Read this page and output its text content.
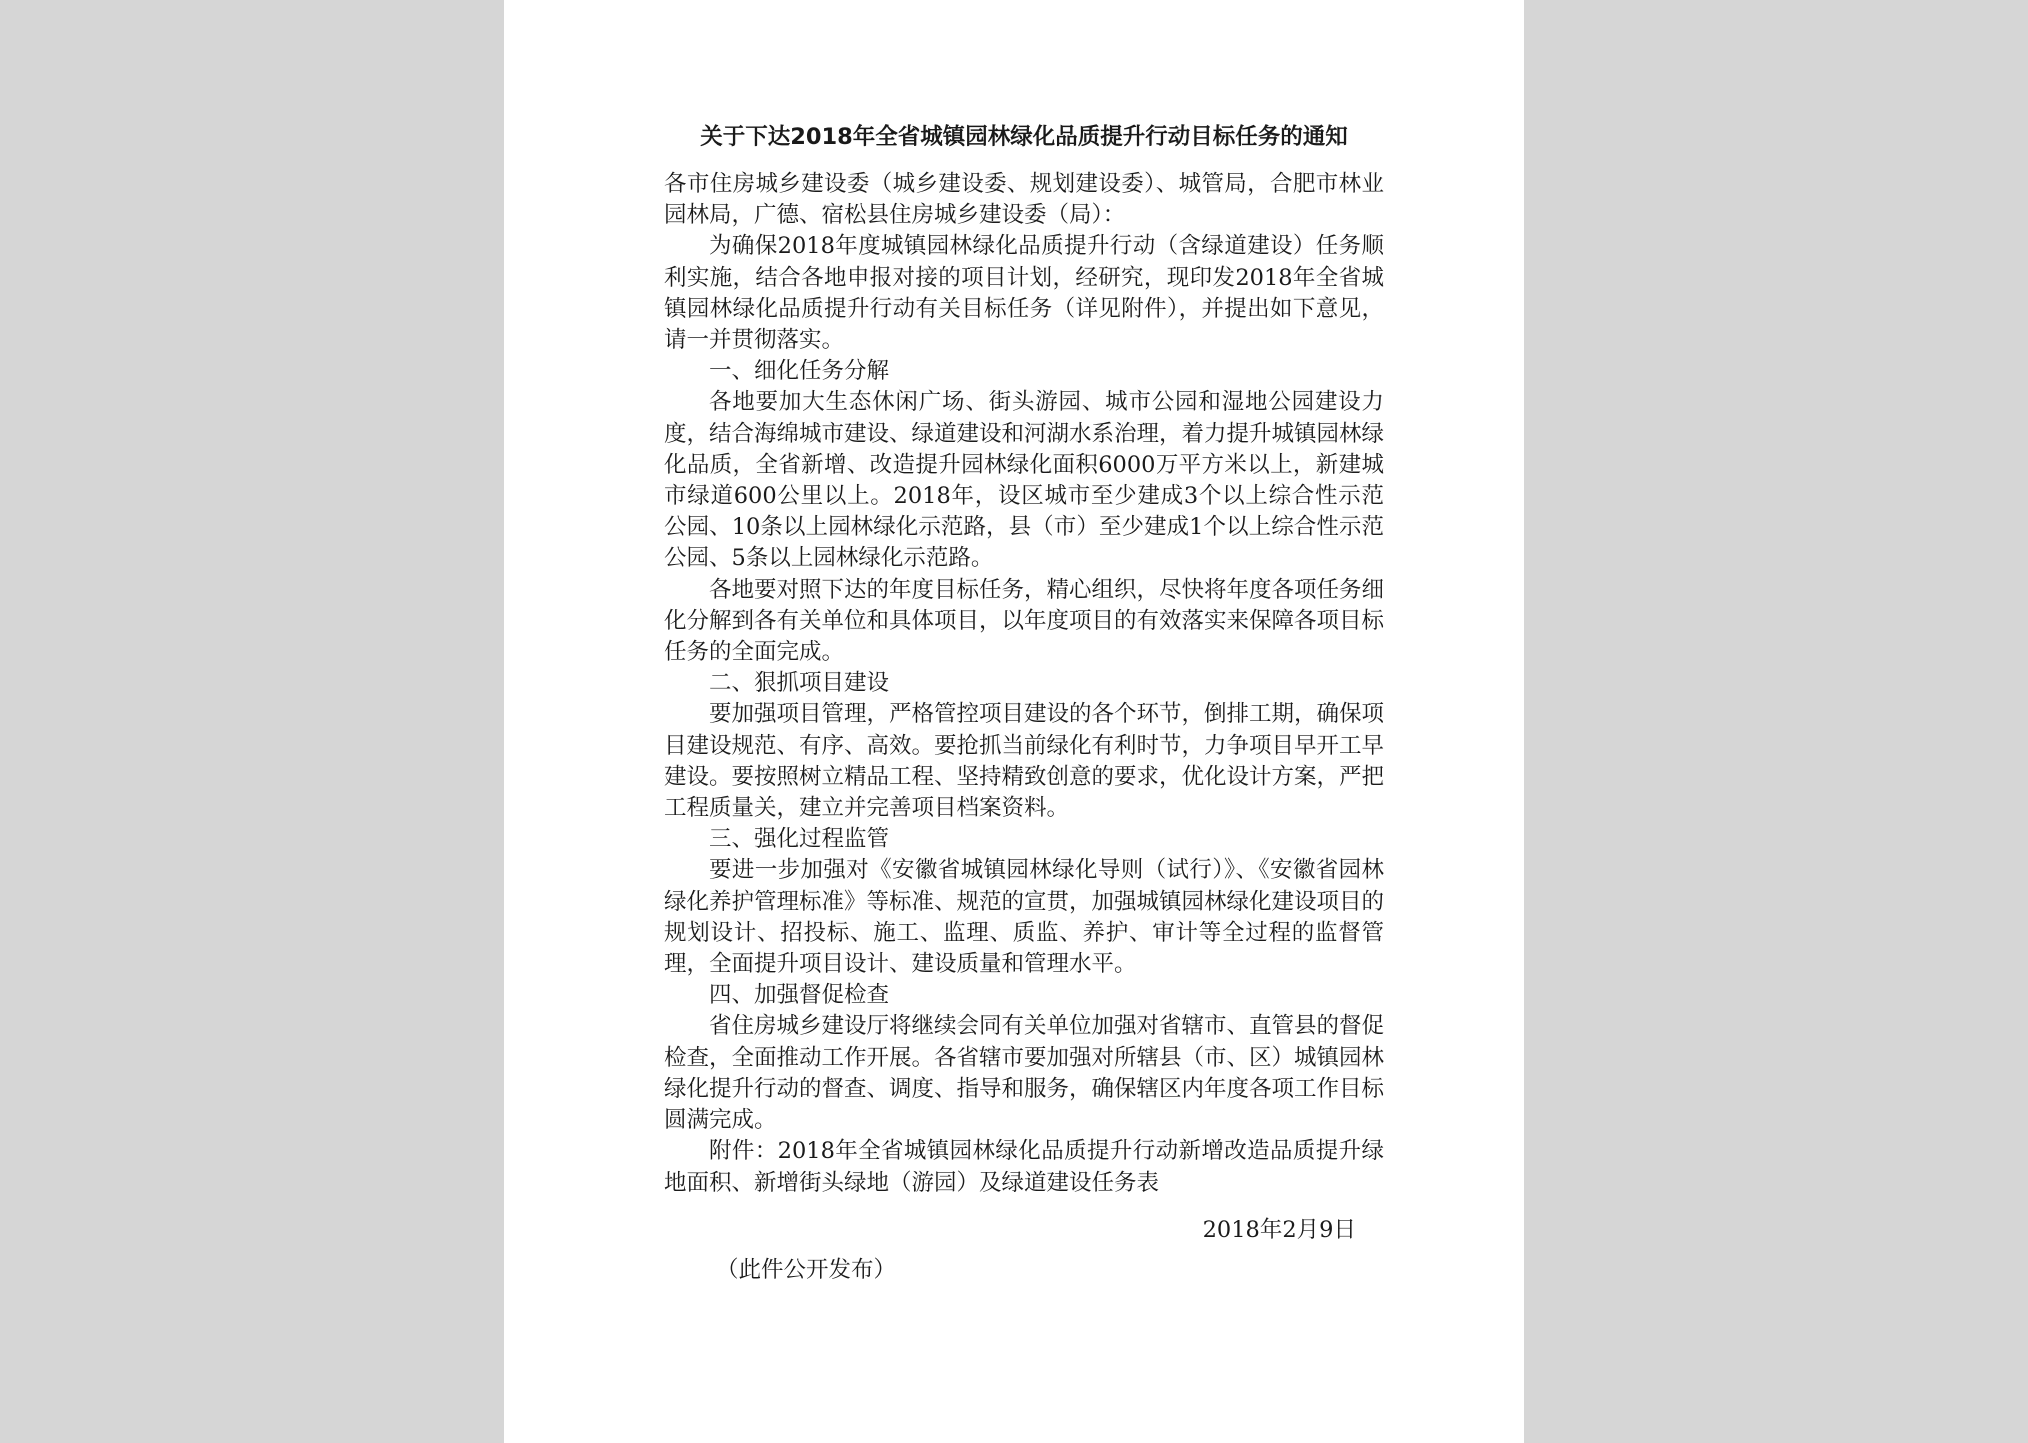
关于下达2018年全省城镇园林绿化品质提升行动目标任务的通知

各市住房城乡建设委（城乡建设委、规划建设委）、城管局，合肥市林业园林局，广德、宿松县住房城乡建设委（局）：

为确保2018年度城镇园林绿化品质提升行动（含绿道建设）任务顺利实施，结合各地申报对接的项目计划，经研究，现印发2018年全省城镇园林绿化品质提升行动有关目标任务（详见附件），并提出如下意见，请一并贯彻落实。

一、细化任务分解

各地要加大生态休闲广场、街头游园、城市公园和湿地公园建设力度，结合海绵城市建设、绿道建设和河湖水系治理，着力提升城镇园林绿化品质，全省新增、改造提升园林绿化面积6000万平方米以上，新建城市绿道600公里以上。2018年，设区城市至少建成3个以上综合性示范公园、10条以上园林绿化示范路，县（市）至少建成1个以上综合性示范公园、5条以上园林绿化示范路。

各地要对照下达的年度目标任务，精心组织，尽快将年度各项任务细化分解到各有关单位和具体项目，以年度项目的有效落实来保障各项目标任务的全面完成。

二、狠抓项目建设

要加强项目管理，严格管控项目建设的各个环节，倒排工期，确保项目建设规范、有序、高效。要抢抓当前绿化有利时节，力争项目早开工早建设。要按照树立精品工程、坚持精致创意的要求，优化设计方案，严把工程质量关，建立并完善项目档案资料。

三、强化过程监管

要进一步加强对《安徽省城镇园林绿化导则（试行）》、《安徽省园林绿化养护管理标准》等标准、规范的宣贯，加强城镇园林绿化建设项目的规划设计、招投标、施工、监理、质监、养护、审计等全过程的监督管理，全面提升项目设计、建设质量和管理水平。

四、加强督促检查

省住房城乡建设厅将继续会同有关单位加强对省辖市、直管县的督促检查，全面推动工作开展。各省辖市要加强对所辖县（市、区）城镇园林绿化提升行动的督查、调度、指导和服务，确保辖区内年度各项工作目标圆满完成。

附件：2018年全省城镇园林绿化品质提升行动新增改造品质提升绿地面积、新增街头绿地（游园）及绿道建设任务表

2018年2月9日

（此件公开发布）
